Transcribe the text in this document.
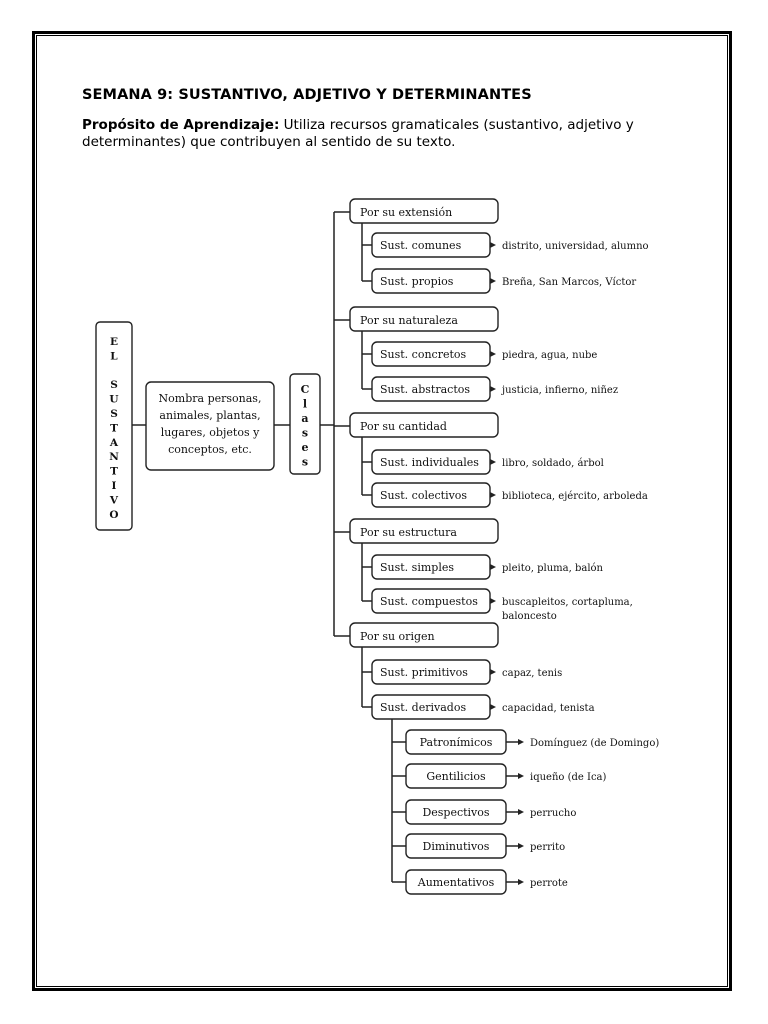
SEMANA 9: SUSTANTIVO, ADJETIVO Y DETERMINANTES
Propósito de Aprendizaje: Utiliza recursos gramaticales (sustantivo, adjetivo y determinantes) que contribuyen al sentido de su texto.
E
L
S
U
S
T
A
N
T
I
V
O
Nombra personas,
animales, plantas,
lugares, objetos y
conceptos, etc.
C
l
a
s
e
s
Por su extensión
Sust. comunes	distrito, universidad, alumno
Sust. propios	Breña, San Marcos, Víctor
Por su naturaleza
Sust. concretos	piedra, agua, nube
Sust. abstractos	justicia, infierno, niñez
Por su cantidad
Sust. individuales libro, soldado, árbol
Sust. colectivos	biblioteca, ejército, arboleda
Por su estructura
Sust. simples	pleito, pluma, balón
Sust. compuestos buscapleitos, cortapluma,
baloncesto
Por su origen
Sust. primitivos	capaz, tenis
Sust. derivados	capacidad, tenista
Patronímicos	Domínguez (de Domingo)
Gentilicios	iqueño (de Ica)
Despectivos	perrucho
Diminutivos	perrito
Aumentativos	perrote
